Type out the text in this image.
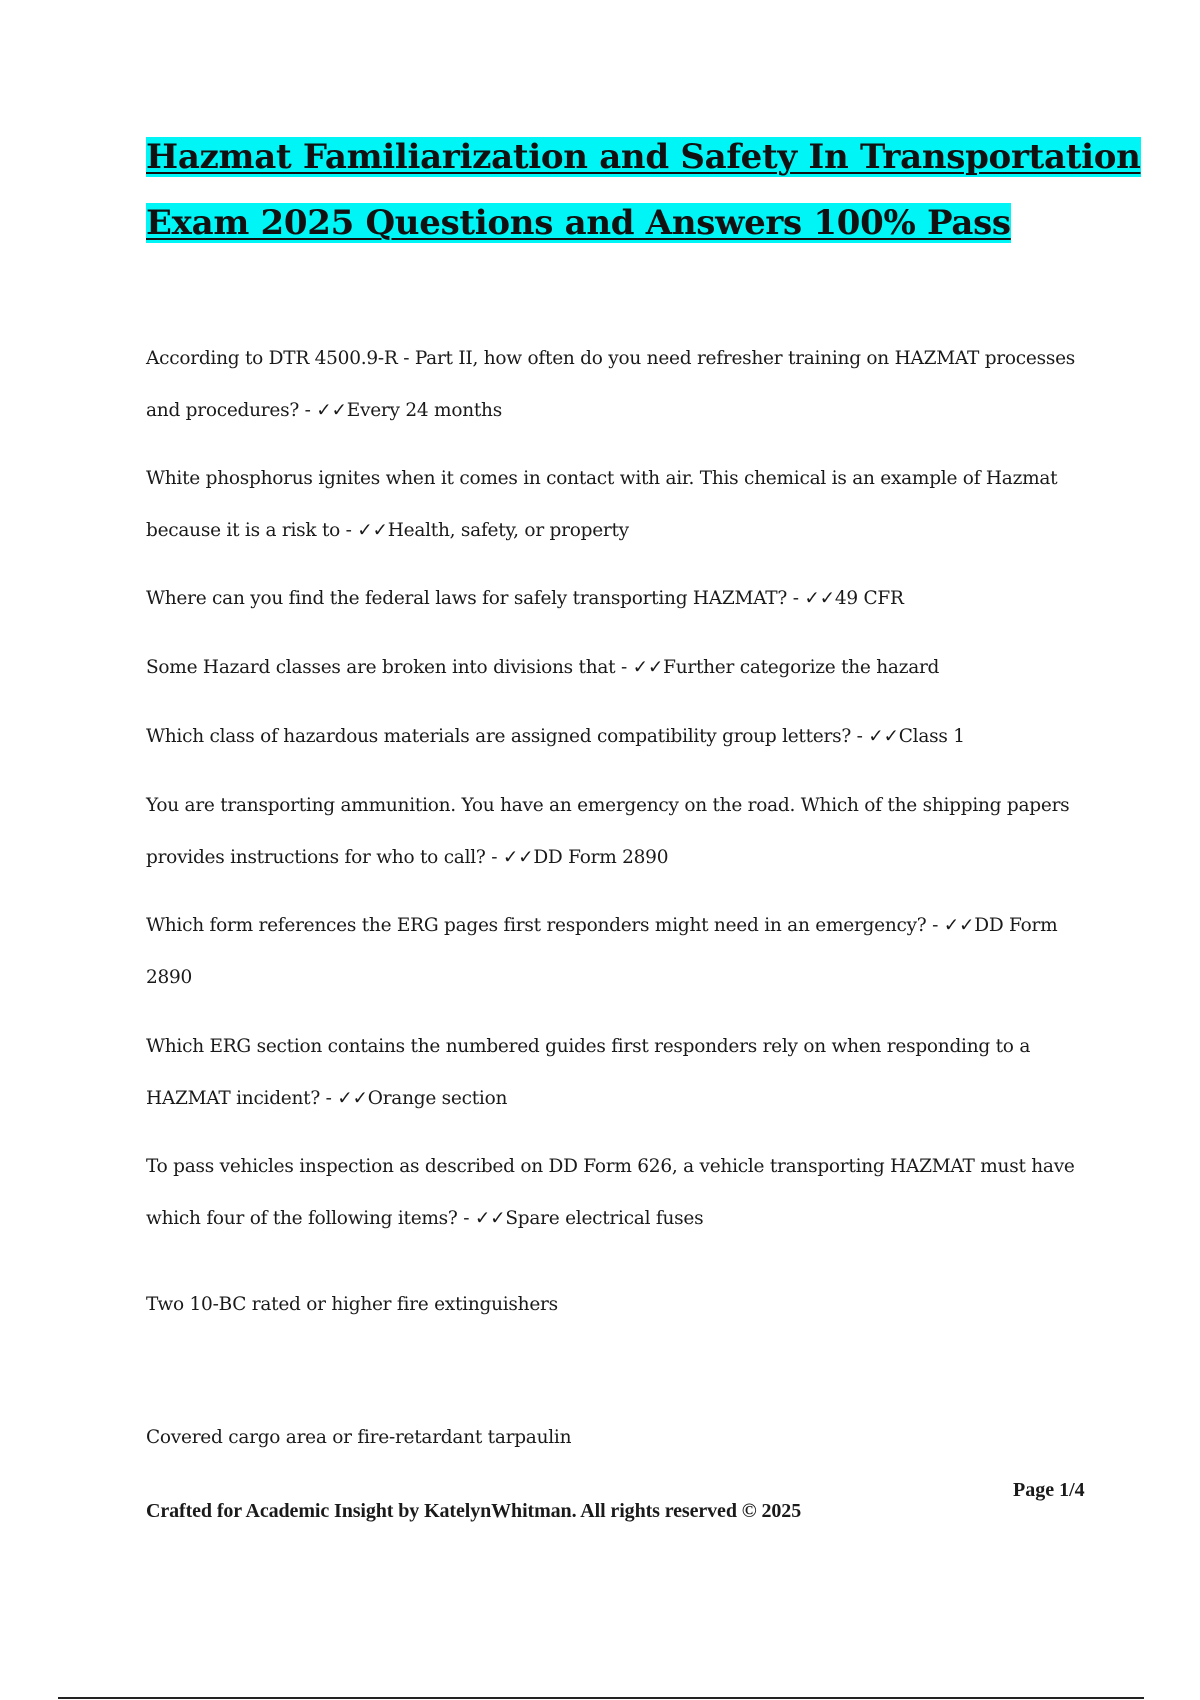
Hazmat Familiarization and Safety In Transportation
Exam 2025 Questions and Answers 100% Pass
According to DTR 4500.9-R - Part II, how often do you need refresher training on HAZMAT processes and procedures? - ✓✓Every 24 months
White phosphorus ignites when it comes in contact with air. This chemical is an example of Hazmat because it is a risk to - ✓✓Health, safety, or property
Where can you find the federal laws for safely transporting HAZMAT? - ✓✓49 CFR
Some Hazard classes are broken into divisions that - ✓✓Further categorize the hazard
Which class of hazardous materials are assigned compatibility group letters? - ✓✓Class 1
You are transporting ammunition. You have an emergency on the road. Which of the shipping papers provides instructions for who to call? - ✓✓DD Form 2890
Which form references the ERG pages first responders might need in an emergency? - ✓✓DD Form 2890
Which ERG section contains the numbered guides first responders rely on when responding to a HAZMAT incident? - ✓✓Orange section
To pass vehicles inspection as described on DD Form 626, a vehicle transporting HAZMAT must have which four of the following items? - ✓✓Spare electrical fuses
Two 10-BC rated or higher fire extinguishers
Covered cargo area or fire-retardant tarpaulin
Page 1/4
Crafted for Academic Insight by KatelynWhitman. All rights reserved © 2025
